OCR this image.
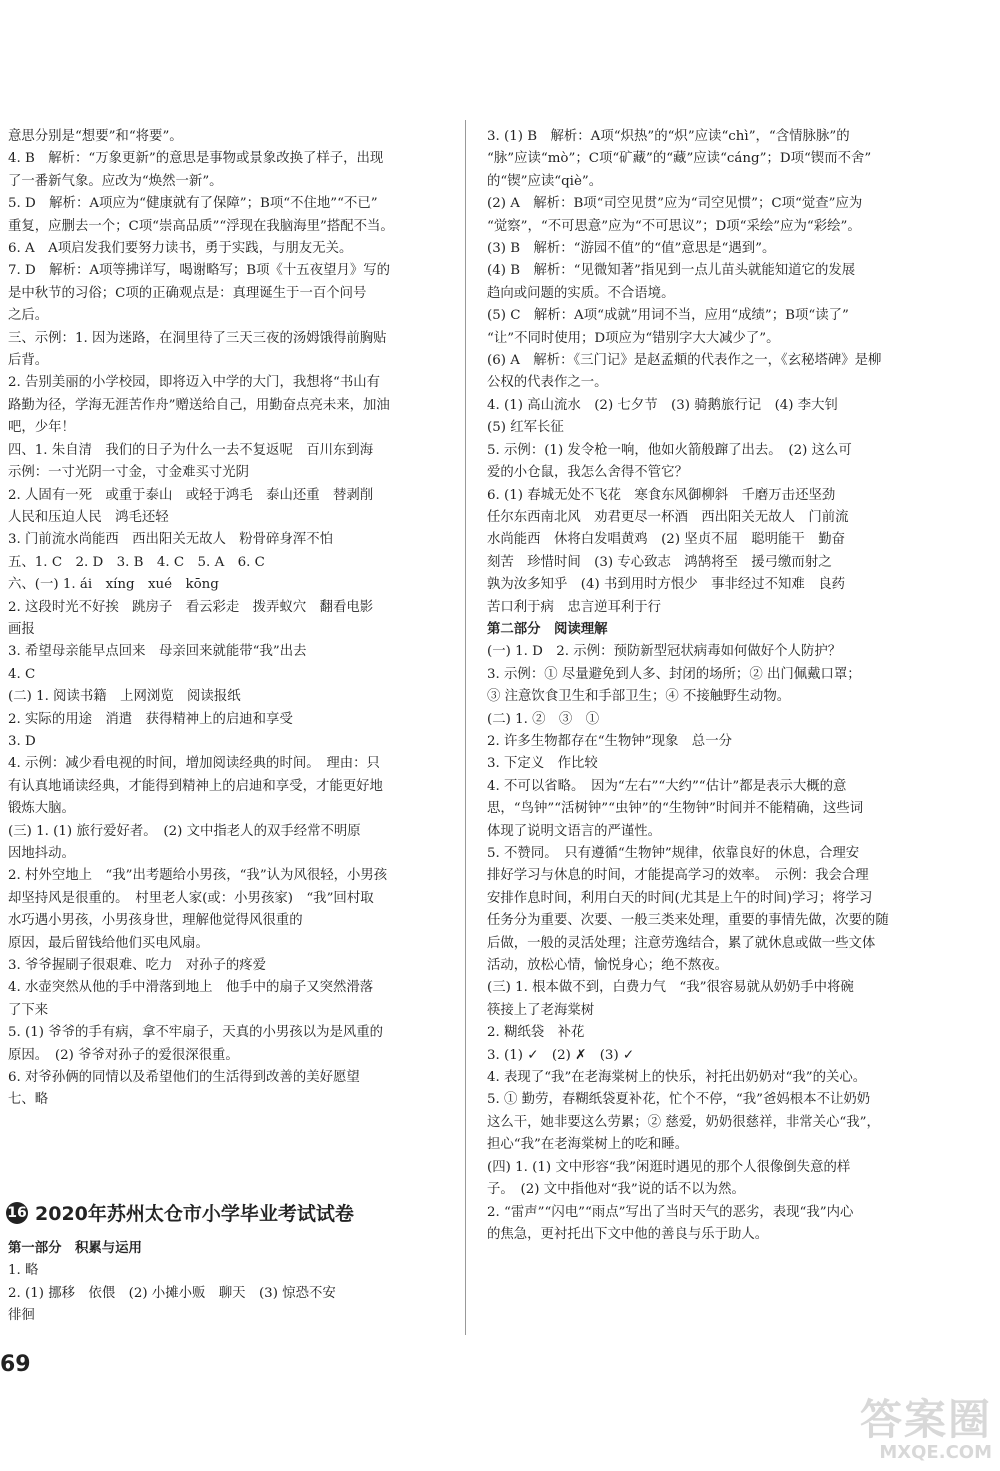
意思分别是“想要”和“将要”。
4. B　解析：“万象更新”的意思是事物或景象改换了样子，出现
了一番新气象。应改为“焕然一新”。
5. D　解析：A项应为“健康就有了保障”；B项“不住地”“不已”
重复，应删去一个；C项“崇高品质”“浮现在我脑海里”搭配不当。
6. A　A项启发我们要努力读书，勇于实践，与朋友无关。
7. D　解析：A项等拂详写，喝谢略写；B项《十五夜望月》写的
是中秋节的习俗；C项的正确观点是：真理诞生于一百个问号
之后。
三、示例：1. 因为迷路，在洞里待了三天三夜的汤姆饿得前胸贴
后背。
2. 告别美丽的小学校园，即将迈入中学的大门，我想将“书山有
路勤为径，学海无涯苦作舟”赠送给自己，用勤奋点亮未来，加油
吧，少年！
四、1. 朱自清　我们的日子为什么一去不复返呢　百川东到海
示例：一寸光阴一寸金，寸金难买寸光阴
2. 人固有一死　或重于泰山　或轻于鸿毛　泰山还重　替剥削
人民和压迫人民　鸿毛还轻
3. 门前流水尚能西　西出阳关无故人　粉骨碎身浑不怕
五、1. C　2. D　3. B　4. C　5. A　6. C
六、(一) 1. ái　xíng　xué　kōng
2. 这段时光不好挨　跳房子　看云彩走　拨弄蚁穴　翻看电影
画报
3. 希望母亲能早点回来　母亲回来就能带“我”出去
4. C
(二) 1. 阅读书籍　上网浏览　阅读报纸
2. 实际的用途　消遣　获得精神上的启迪和享受
3. D
4. 示例：减少看电视的时间，增加阅读经典的时间。　理由：只
有认真地诵读经典，才能得到精神上的启迪和享受，才能更好地
锻炼大脑。
(三) 1. (1) 旅行爱好者。　(2) 文中指老人的双手经常不明原
因地抖动。
2. 村外空地上　“我”出考题给小男孩，“我”认为风很轻，小男孩
却坚持风是很重的。　村里老人家(或：小男孩家)　“我”回村取
水巧遇小男孩，小男孩身世，理解他觉得风很重的
原因，最后留钱给他们买电风扇。
3. 爷爷握刷子很艰难、吃力　对孙子的疼爱
4. 水壶突然从他的手中滑落到地上　他手中的扇子又突然滑落
了下来
5. (1) 爷爷的手有病，拿不牢扇子，天真的小男孩以为是风重的
原因。　(2) 爷爷对孙子的爱很深很重。
6. 对爷孙俩的同情以及希望他们的生活得到改善的美好愿望
七、略
16 2020年苏州太仓市小学毕业考试试卷
第一部分　积累与运用
1. 略
2. (1) 挪移　依偎　(2) 小摊小贩　聊天　(3) 惊恐不安
徘徊
3. (1) B　解析：A项“炽热”的“炽”应读“chì”，“含情脉脉”的
“脉”应读“mò”；C项“矿藏”的“藏”应读“cáng”；D项“锲而不舍”
的“锲”应读“qiè”。
(2) A　解析：B项“司空见贯”应为“司空见惯”；C项“觉查”应为
“觉察”，“不可思意”应为“不可思议”；D项“采绘”应为“彩绘”。
(3) B　解析：“游园不值”的“值”意思是“遇到”。
(4) B　解析：“见微知著”指见到一点儿苗头就能知道它的发展
趋向或问题的实质。不合语境。
(5) C　解析：A项“成就”用词不当，应用“成绩”；B项“读了”
“让”不同时使用；D项应为“错别字大大减少了”。
(6) A　解析：《三门记》是赵孟頫的代表作之一，《玄秘塔碑》是柳
公权的代表作之一。
4. (1) 高山流水　(2) 七夕节　(3) 骑鹅旅行记　(4) 李大钊
(5) 红军长征
5. 示例：(1) 发令枪一响，他如火箭般蹿了出去。　(2) 这么可
爱的小仓鼠，我怎么舍得不管它？
6. (1) 春城无处不飞花　寒食东风御柳斜　千磨万击还坚劲
任尔东西南北风　劝君更尽一杯酒　西出阳关无故人　门前流
水尚能西　休将白发唱黄鸡　(2) 坚贞不屈　聪明能干　勤奋
刻苦　珍惜时间　(3) 专心致志　鸿鹄将至　援弓缴而射之
孰为汝多知乎　(4) 书到用时方恨少　事非经过不知难　良药
苦口利于病　忠言逆耳利于行
第二部分　阅读理解
(一) 1. D　2. 示例：预防新型冠状病毒如何做好个人防护？
3. 示例：① 尽量避免到人多、封闭的场所；② 出门佩戴口罩；
③ 注意饮食卫生和手部卫生；④ 不接触野生动物。
(二) 1. ②　③　①
2. 许多生物都存在“生物钟”现象　总一分
3. 下定义　作比较
4. 不可以省略。　因为“左右”“大约”“估计”都是表示大概的意
思，“鸟钟”“活树钟”“虫钟”的“生物钟”时间并不能精确，这些词
体现了说明文语言的严谨性。
5. 不赞同。　只有遵循“生物钟”规律，依靠良好的休息，合理安
排好学习与休息的时间，才能提高学习的效率。　示例：我会合理
安排作息时间，利用白天的时间(尤其是上午的时间)学习；将学习
任务分为重要、次要、一般三类来处理，重要的事情先做，次要的随
后做，一般的灵活处理；注意劳逸结合，累了就休息或做一些文体
活动，放松心情，愉悦身心；绝不熬夜。
(三) 1. 根本做不到，白费力气　“我”很容易就从奶奶手中将碗
筷接上了老海棠树
2. 糊纸袋　补花
3. (1) ✓　(2) ✗　(3) ✓
4. 表现了“我”在老海棠树上的快乐，衬托出奶奶对“我”的关心。
5. ① 勤劳，春糊纸袋夏补花，忙个不停，“我”爸妈根本不让奶奶
这么干，她非要这么劳累；② 慈爱，奶奶很慈祥，非常关心“我”，
担心“我”在老海棠树上的吃和睡。
(四) 1. (1) 文中形容“我”闲逛时遇见的那个人很像倒失意的样
子。　(2) 文中指他对“我”说的话不以为然。
2. “雷声”“闪电”“雨点”写出了当时天气的恶劣，表现“我”内心
的焦急，更衬托出下文中他的善良与乐于助人。
69
答案圈
MXQE.COM
